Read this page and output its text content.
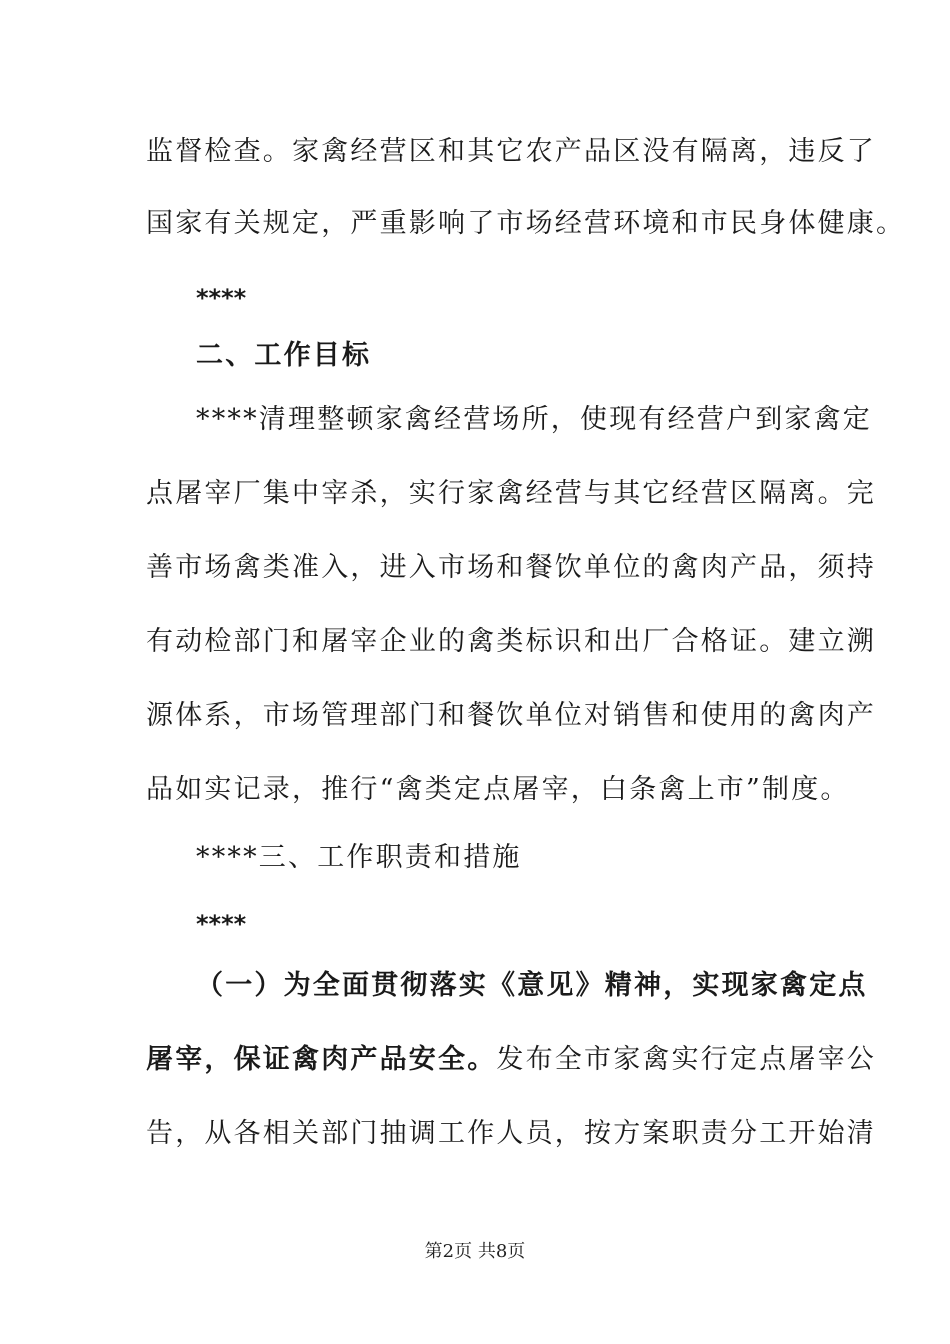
监督检查。家禽经营区和其它农产品区没有隔离，违反了
国家有关规定，严重影响了市场经营环境和市民身体健康。
****
二、工作目标
****清理整顿家禽经营场所，使现有经营户到家禽定
点屠宰厂集中宰杀，实行家禽经营与其它经营区隔离。完
善市场禽类准入，进入市场和餐饮单位的禽肉产品，须持
有动检部门和屠宰企业的禽类标识和出厂合格证。建立溯
源体系，市场管理部门和餐饮单位对销售和使用的禽肉产
品如实记录，推行“禽类定点屠宰，白条禽上市”制度。
****三、工作职责和措施
****
（一）为全面贯彻落实《意见》精神，实现家禽定点
屠宰，保证禽肉产品安全。发布全市家禽实行定点屠宰公
告，从各相关部门抽调工作人员，按方案职责分工开始清
第2页 共8页
